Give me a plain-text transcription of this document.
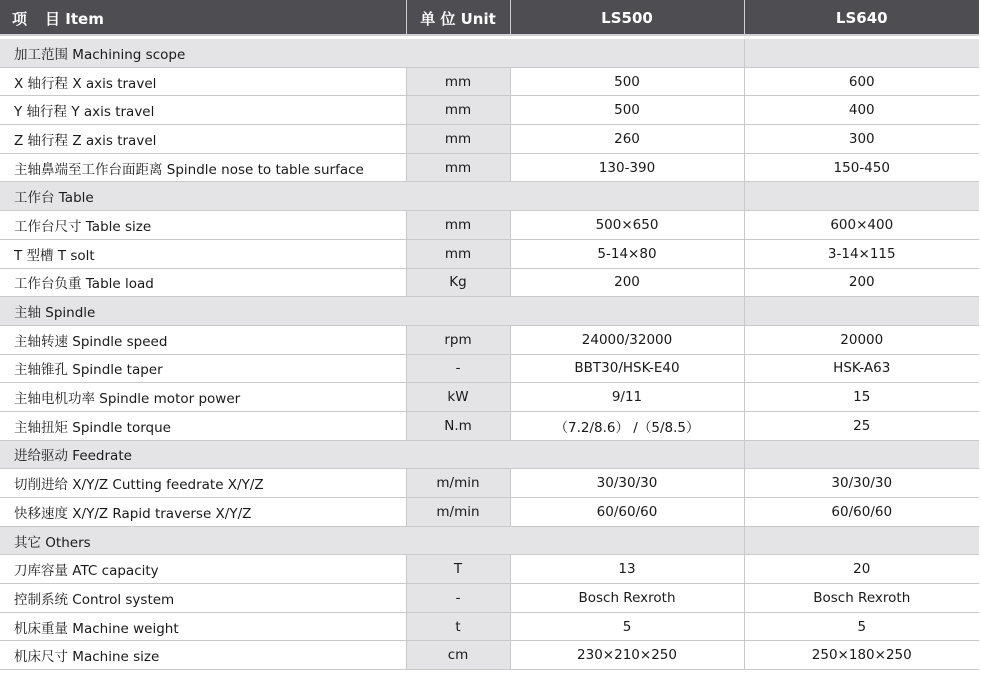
项 目 Item	单 位 Unit	LS500	LS640
加工范围 Machining scope			
X 轴行程 X axis travel	mm	500	600
Y 轴行程 Y axis travel	mm	500	400
Z 轴行程 Z axis travel	mm	260	300
主轴鼻端至工作台面距离 Spindle nose to table surface	mm	130-390	150-450
工作台 Table			
工作台尺寸 Table size	mm	500×650	600×400
T 型槽 T solt	mm	5-14×80	3-14×115
工作台负重 Table load	Kg	200	200
主轴 Spindle			
主轴转速 Spindle speed	rpm	24000/32000	20000
主轴锥孔 Spindle taper	-	BBT30/HSK-E40	HSK-A63
主轴电机功率 Spindle motor power	kW	9/11	15
主轴扭矩 Spindle torque	N.m	（7.2/8.6） /（5/8.5）	25
进给驱动 Feedrate			
切削进给 X/Y/Z Cutting feedrate X/Y/Z	m/min	30/30/30	30/30/30
快移速度 X/Y/Z Rapid traverse X/Y/Z	m/min	60/60/60	60/60/60
其它 Others			
刀库容量 ATC capacity	T	13	20
控制系统 Control system	-	Bosch Rexroth	Bosch Rexroth
机床重量 Machine weight	t	5	5
机床尺寸 Machine size	cm	230×210×250	250×180×250
